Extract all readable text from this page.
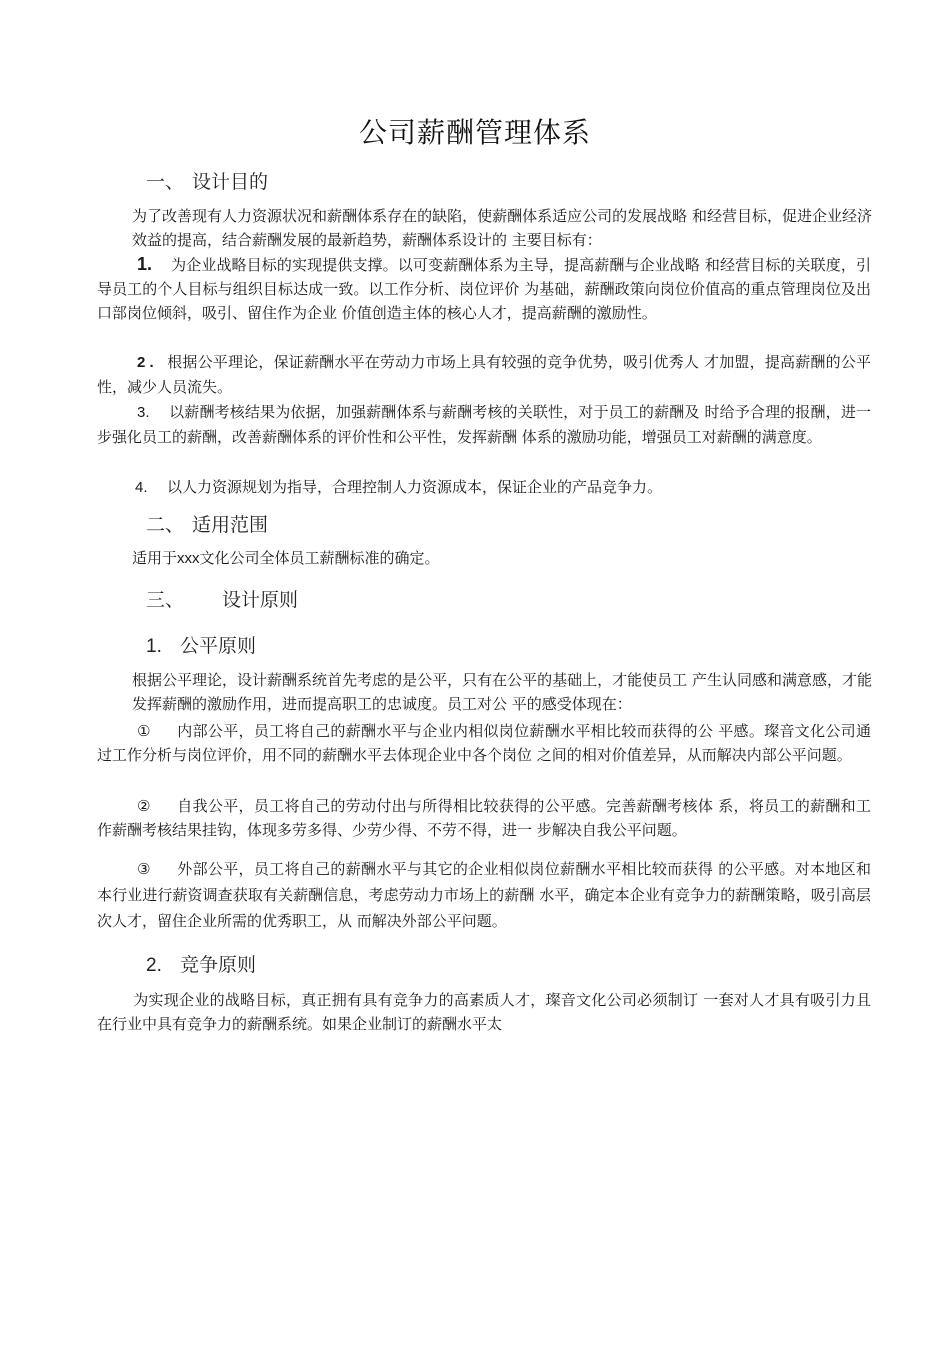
公司薪酬管理体系
一、 设计目的
为了改善现有人力资源状况和薪酬体系存在的缺陷，使薪酬体系适应公司的发展战略 和经营目标，促进企业经济效益的提高，结合薪酬发展的最新趋势，薪酬体系设计的 主要目标有：
1. 为企业战略目标的实现提供支撑。以可变薪酬体系为主导，提高薪酬与企业战略 和经营目标的关联度，引导员工的个人目标与组织目标达成一致。以工作分析、岗位评价 为基础，薪酬政策向岗位价值高的重点管理岗位及出口部岗位倾斜，吸引、留住作为企业 价值创造主体的核心人才，提高薪酬的激励性。
2 . 根据公平理论，保证薪酬水平在劳动力市场上具有较强的竞争优势，吸引优秀人 才加盟，提高薪酬的公平性，减少人员流失。
3. 以薪酬考核结果为依据，加强薪酬体系与薪酬考核的关联性，对于员工的薪酬及 时给予合理的报酬，进一步强化员工的薪酬，改善薪酬体系的评价性和公平性，发挥薪酬 体系的激励功能，增强员工对薪酬的满意度。
4. 以人力资源规划为指导，合理控制人力资源成本，保证企业的产品竞争力。
二、 适用范围
适用于xxx文化公司全体员工薪酬标准的确定。
三、 设计原则
1. 公平原则
根据公平理论，设计薪酬系统首先考虑的是公平，只有在公平的基础上，才能使员工 产生认同感和满意感，才能发挥薪酬的激励作用，进而提高职工的忠诚度。员工对公 平的感受体现在：
① 内部公平，员工将自己的薪酬水平与企业内相似岗位薪酬水平相比较而获得的公 平感。璨音文化公司通过工作分析与岗位评价，用不同的薪酬水平去体现企业中各个岗位 之间的相对价值差异，从而解决内部公平问题。
② 自我公平，员工将自己的劳动付出与所得相比较获得的公平感。完善薪酬考核体 系，将员工的薪酬和工作薪酬考核结果挂钩，体现多劳多得、少劳少得、不劳不得，进一 步解决自我公平问题。
③ 外部公平，员工将自己的薪酬水平与其它的企业相似岗位薪酬水平相比较而获得 的公平感。对本地区和本行业进行薪资调查获取有关薪酬信息，考虑劳动力市场上的薪酬 水平，确定本企业有竞争力的薪酬策略，吸引高层次人才，留住企业所需的优秀职工，从 而解决外部公平问题。
2. 竞争原则
为实现企业的战略目标，真正拥有具有竞争力的高素质人才，璨音文化公司必须制订 一套对人才具有吸引力且在行业中具有竞争力的薪酬系统。如果企业制订的薪酬水平太
